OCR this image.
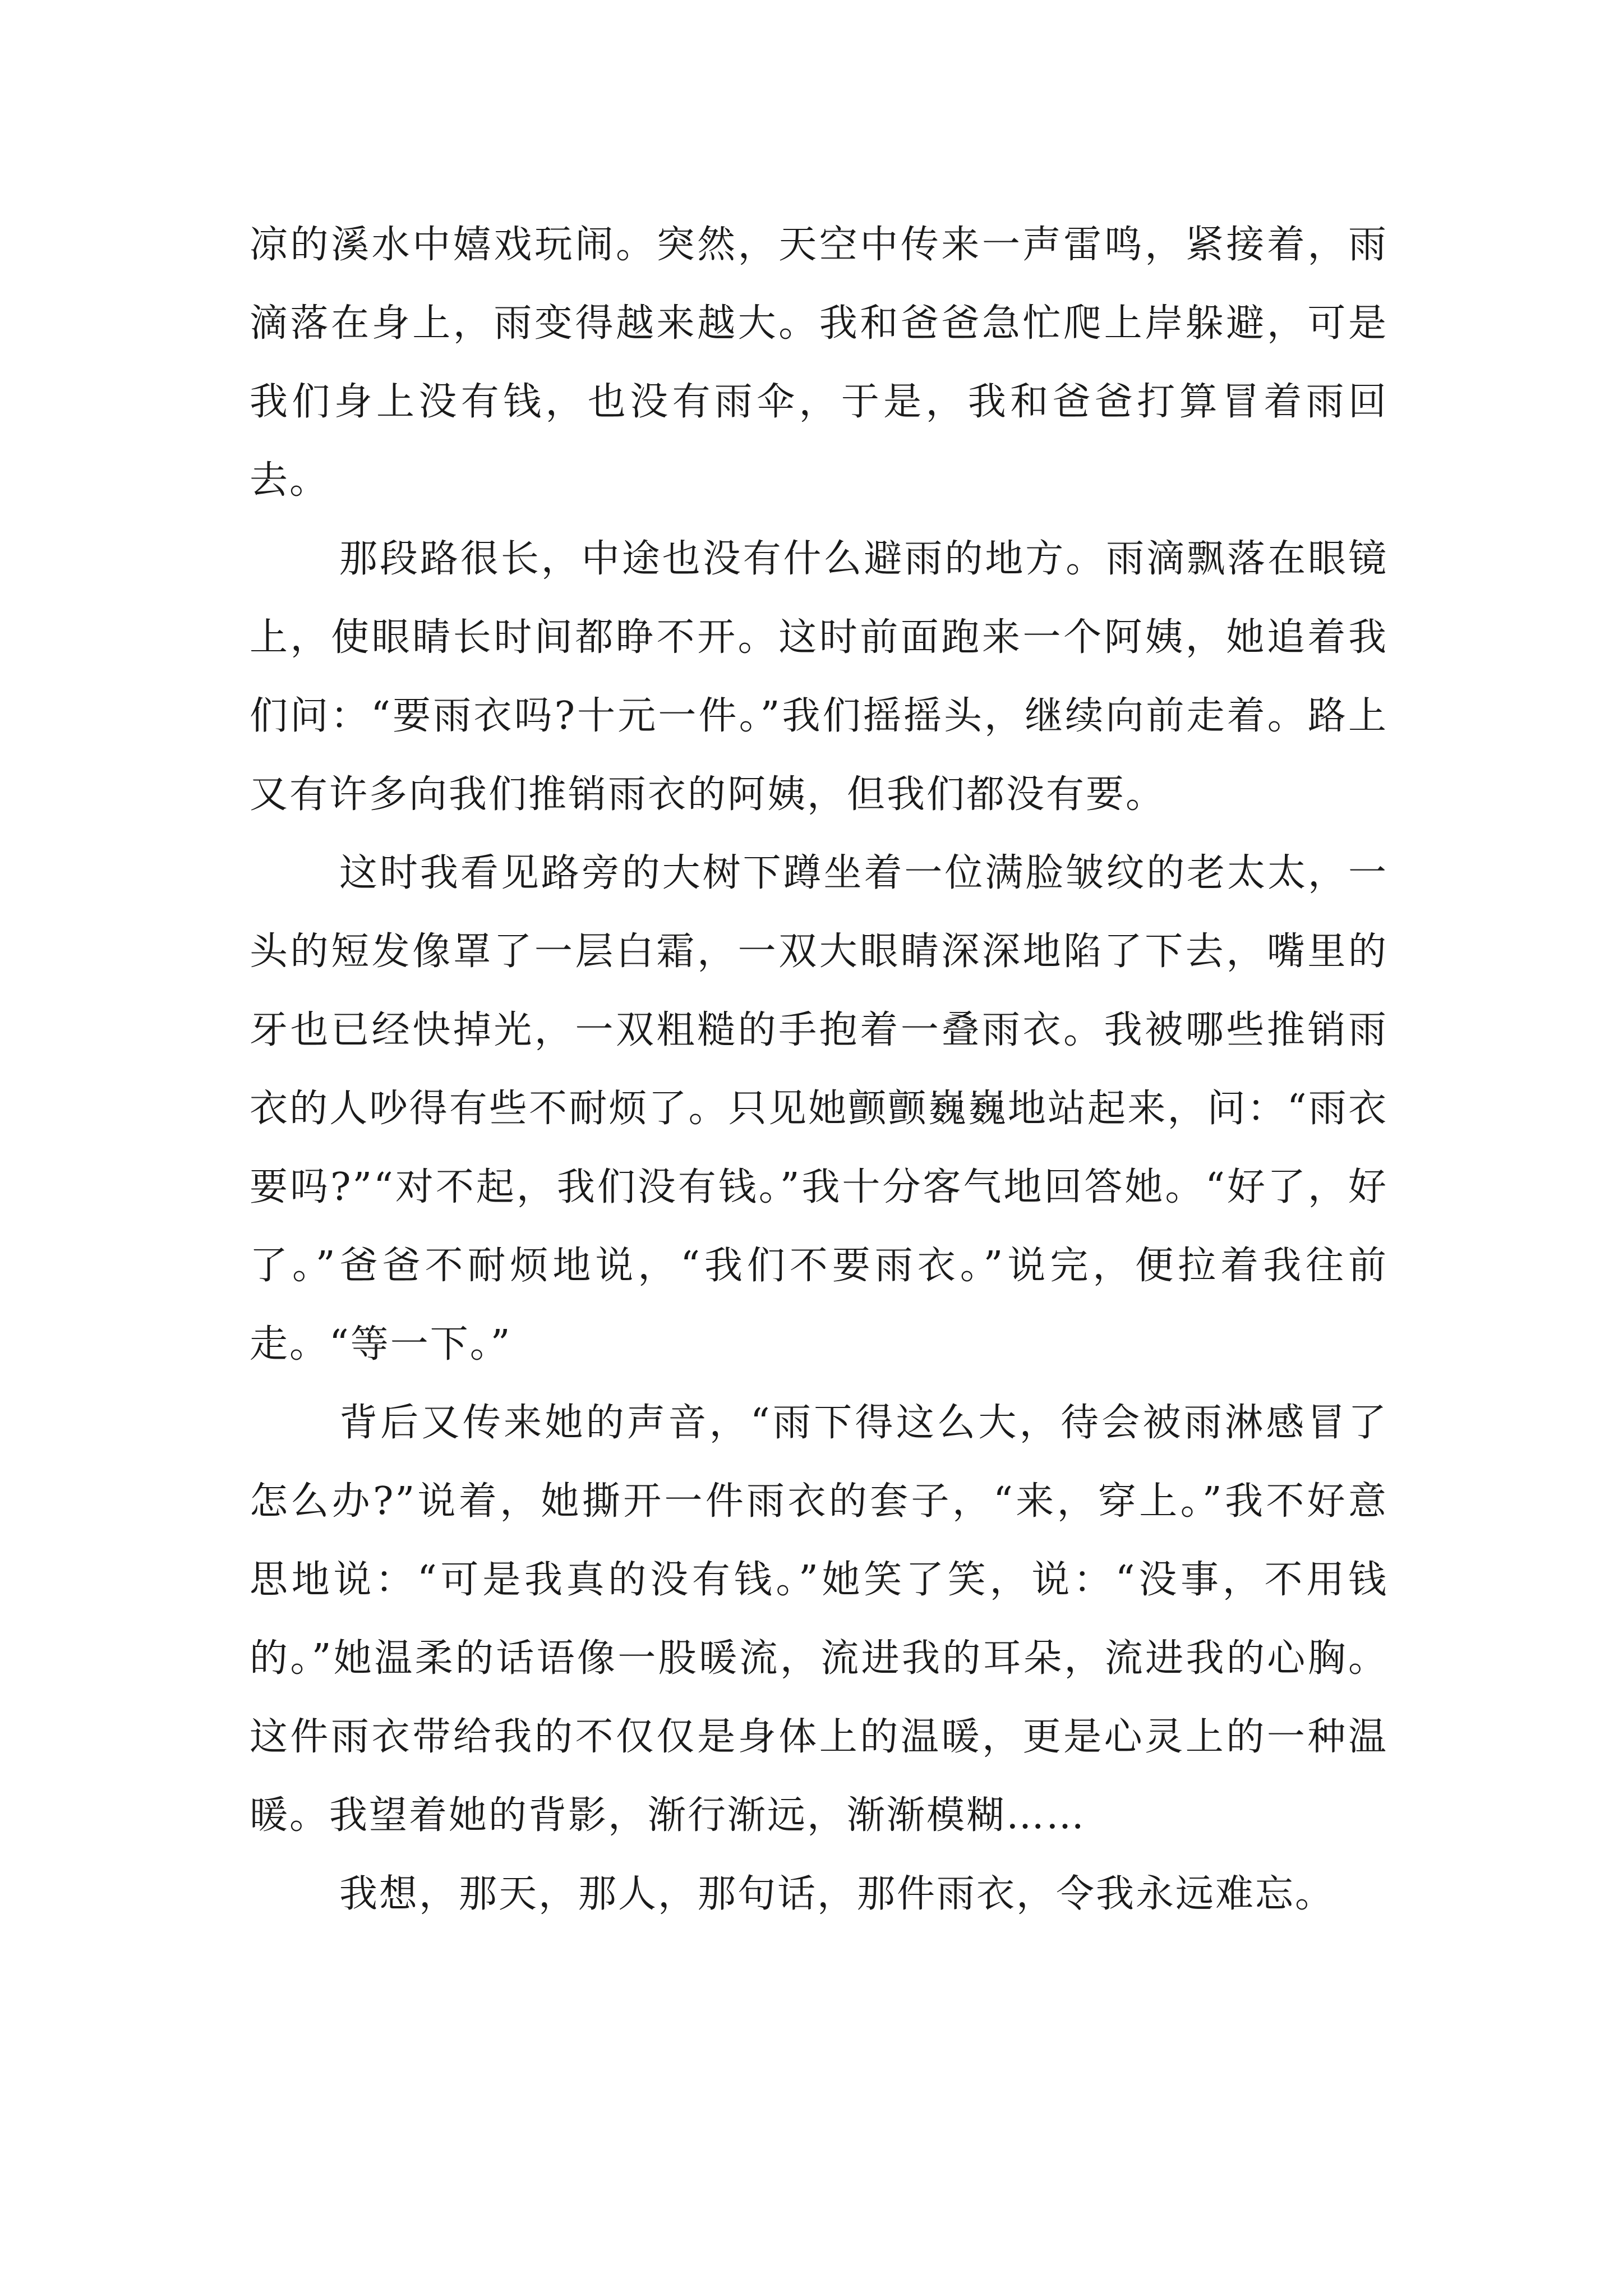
凉的溪水中嬉戏玩闹。突然，天空中传来一声雷鸣，紧接着，雨滴落在身上，雨变得越来越大。我和爸爸急忙爬上岸躲避，可是我们身上没有钱，也没有雨伞，于是，我和爸爸打算冒着雨回去。

那段路很长，中途也没有什么避雨的地方。雨滴飘落在眼镜上，使眼睛长时间都睁不开。这时前面跑来一个阿姨，她追着我们问：“要雨衣吗?十元一件。”我们摇摇头，继续向前走着。路上又有许多向我们推销雨衣的阿姨，但我们都没有要。

这时我看见路旁的大树下蹲坐着一位满脸皱纹的老太太，一头的短发像罩了一层白霜，一双大眼睛深深地陷了下去，嘴里的牙也已经快掉光，一双粗糙的手抱着一叠雨衣。我被哪些推销雨衣的人吵得有些不耐烦了。只见她颤颤巍巍地站起来，问：“雨衣要吗?”“对不起，我们没有钱。”我十分客气地回答她。“好了，好了。”爸爸不耐烦地说，“我们不要雨衣。”说完，便拉着我往前走。“等一下。”

背后又传来她的声音，“雨下得这么大，待会被雨淋感冒了怎么办?”说着，她撕开一件雨衣的套子，“来，穿上。”我不好意思地说：“可是我真的没有钱。”她笑了笑，说：“没事，不用钱的。”她温柔的话语像一股暖流，流进我的耳朵，流进我的心胸。这件雨衣带给我的不仅仅是身体上的温暖，更是心灵上的一种温暖。我望着她的背影，渐行渐远，渐渐模糊……

我想，那天，那人，那句话，那件雨衣，令我永远难忘。
